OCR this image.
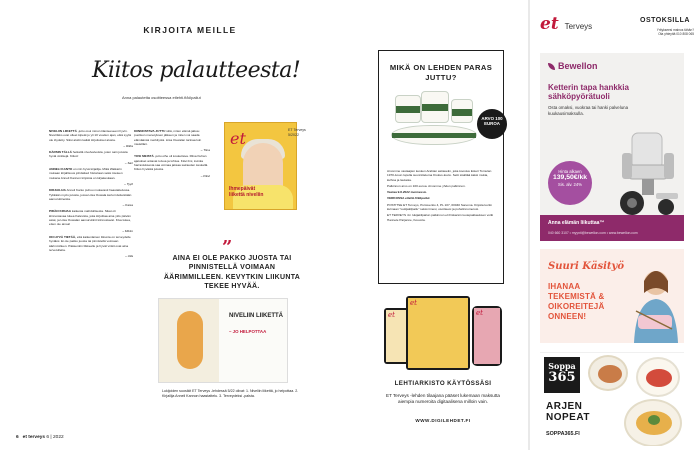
KIRJOITA MEILLE
Kiitos palautteesta!
Anna palautetta osoitteessa etlehti.fi/kilpailut

NIVELIIN LIIKETTÄ -juttu osui minun tilanteeseeni hyvin. Nivelrikko ovat olleet kipeät jo yli 10 vuoden ajan, eikä syytä ole löydetty. Siksi aloitin kaikki kirjoitukset alusta.

– Riitta

KÄRSIN TÄLLÄ hetkellä nivelvaivoista, joten sain jutusta hyviä vinkkejä. Kiitos!

– Sari

ANNELI KANTO on niin hyvä kirjailija. Mikä Walkarin mukaan kirjallisuus johdattavi historiaan sekä mieleen mukana Anneli Kannon kirjoista on kirjakeskaan.

– Tyyti

KIRJAILIJA Anneli Kanto puhuu mukavasti haastattelussa. Tykkään myös jutusta, jossa Liisa Ouwala kertoi idetteistään aamurutiineista.

– Kaisa

PIDÄN KIRJAA kaikesta mahdollisesta. Sikat oli kiinnostavaa lukea Kalevista, joka kirjoittaa aina ylös päivän asiat, ja Liisa Ouwalan aamurutiinit kiinnostavat. Kiva lukea, etten ole ainoa!

– Mikko

ON HYVÄ TIETÄÄ, että kaikenlainen liikunta on terveydelle hyväksi. Ei ole pakko juosta tai pinnistellä voimaan äärimmilleen. Pääsenkin liikkeelle ja hyvät vinkit ovat aina tervetulleita.

– Ulla

KIINNOSTAVA JUTTU siitä, miten elämä jatkuu puolison menetyksen jälkeen ja miten voi saada elämäänsä merkitystä. Liisa Ouwalan tarinaa luin mielelläni.

– Tiina

YKSI MEISTÄ -juttu oihe oli koskettava. Ritva Kuhan ajatukset antavat toivoa ja lohtua. Kävi ilmi, kuinka harrastuksesta saa voimaa jaksaa sairauden keskellä. Kiitos hyvästä jutusta.

– Päivi

et
Ihmepäivät liikettä niveliin
ET Terveys
5/2022
”
AINA EI OLE PAKKO JUOSTA TAI PINNISTELLÄ VOIMAAN ÄÄRIMMILLEEN. KEVYTKIN LIIKUNTA TEKEE HYVÄÄ.
NIVELIIN LIIKETTÄ
– JO HELPOTTAA
Lukijoiden suosikit ET Terveys -lehdessä 5/22 olivat: 1. Niveliin liikettä, jo helpottaa. 2. Kirjailija Anneli Kannon haastattelu. 3. Terveydeksi -palsta.
6 et terveys 6 | 2022
MIKÄ ON LEHDEN PARAS JUTTU?
ARVO 100 EUROA

Arvomme vastaajien kesken Arabian astiasetin, joka koostuu Esteri Tomulan 1970-luvun lopulla suunnittelema Krokus-kuvio. Setti sisältää kaksi mukia, kulhoa ja lautasia.

Palkinnon arvo on 100 euroa. Arvomme yhden palkinnon.

Vastaa 9.8.2022 mennessä.

VERKOSSA etlehti.fi/kilpailut

POSTITSE ET Terveys, Pursiuentio 4, PL 107, 00040 Sanoma. Kirjoita kortin kulmaan "Lukijakilpailu" sekä nimesi, osoitteesi ja puhelinnumerosi.

ET TERVEYS 4:n lukijakilpailun palkinnon eli Fiskarsin tuotepakkauksen voitti Hannele Parjanne, Kouvola.

et
et
et
LEHTIARKISTO KÄYTÖSSÄSI
ET Terveys -lehden tilaajana pääset lukemaan maksutta aiempia numeroita digitaalisena milloin vain.
WWW.DIGILEHDET.FI
et Terveys
OSTOKSILLA
Yritykseesi mainos tähän?
Ota yhteyttä 010 808 065
Bewellon
Ketterin tapa hankkia sähköpyörätuoli
Osta omaksi, vuokraa tai hanki palveluna kuukausimaksulla.
Hinta alkaen
139,50€/kk
Sis. alv. 24%
Anna elämän liikuttaa™
040 660 3107 • myynti@bewellon.com • www.bewellon.com
Suuri Käsityö
IHANAA TEKEMISTÄ & OIKOREITEJÄ ONNEEN!
Soppa
365
ARJEN NOPEAT
SOPPA365.FI
